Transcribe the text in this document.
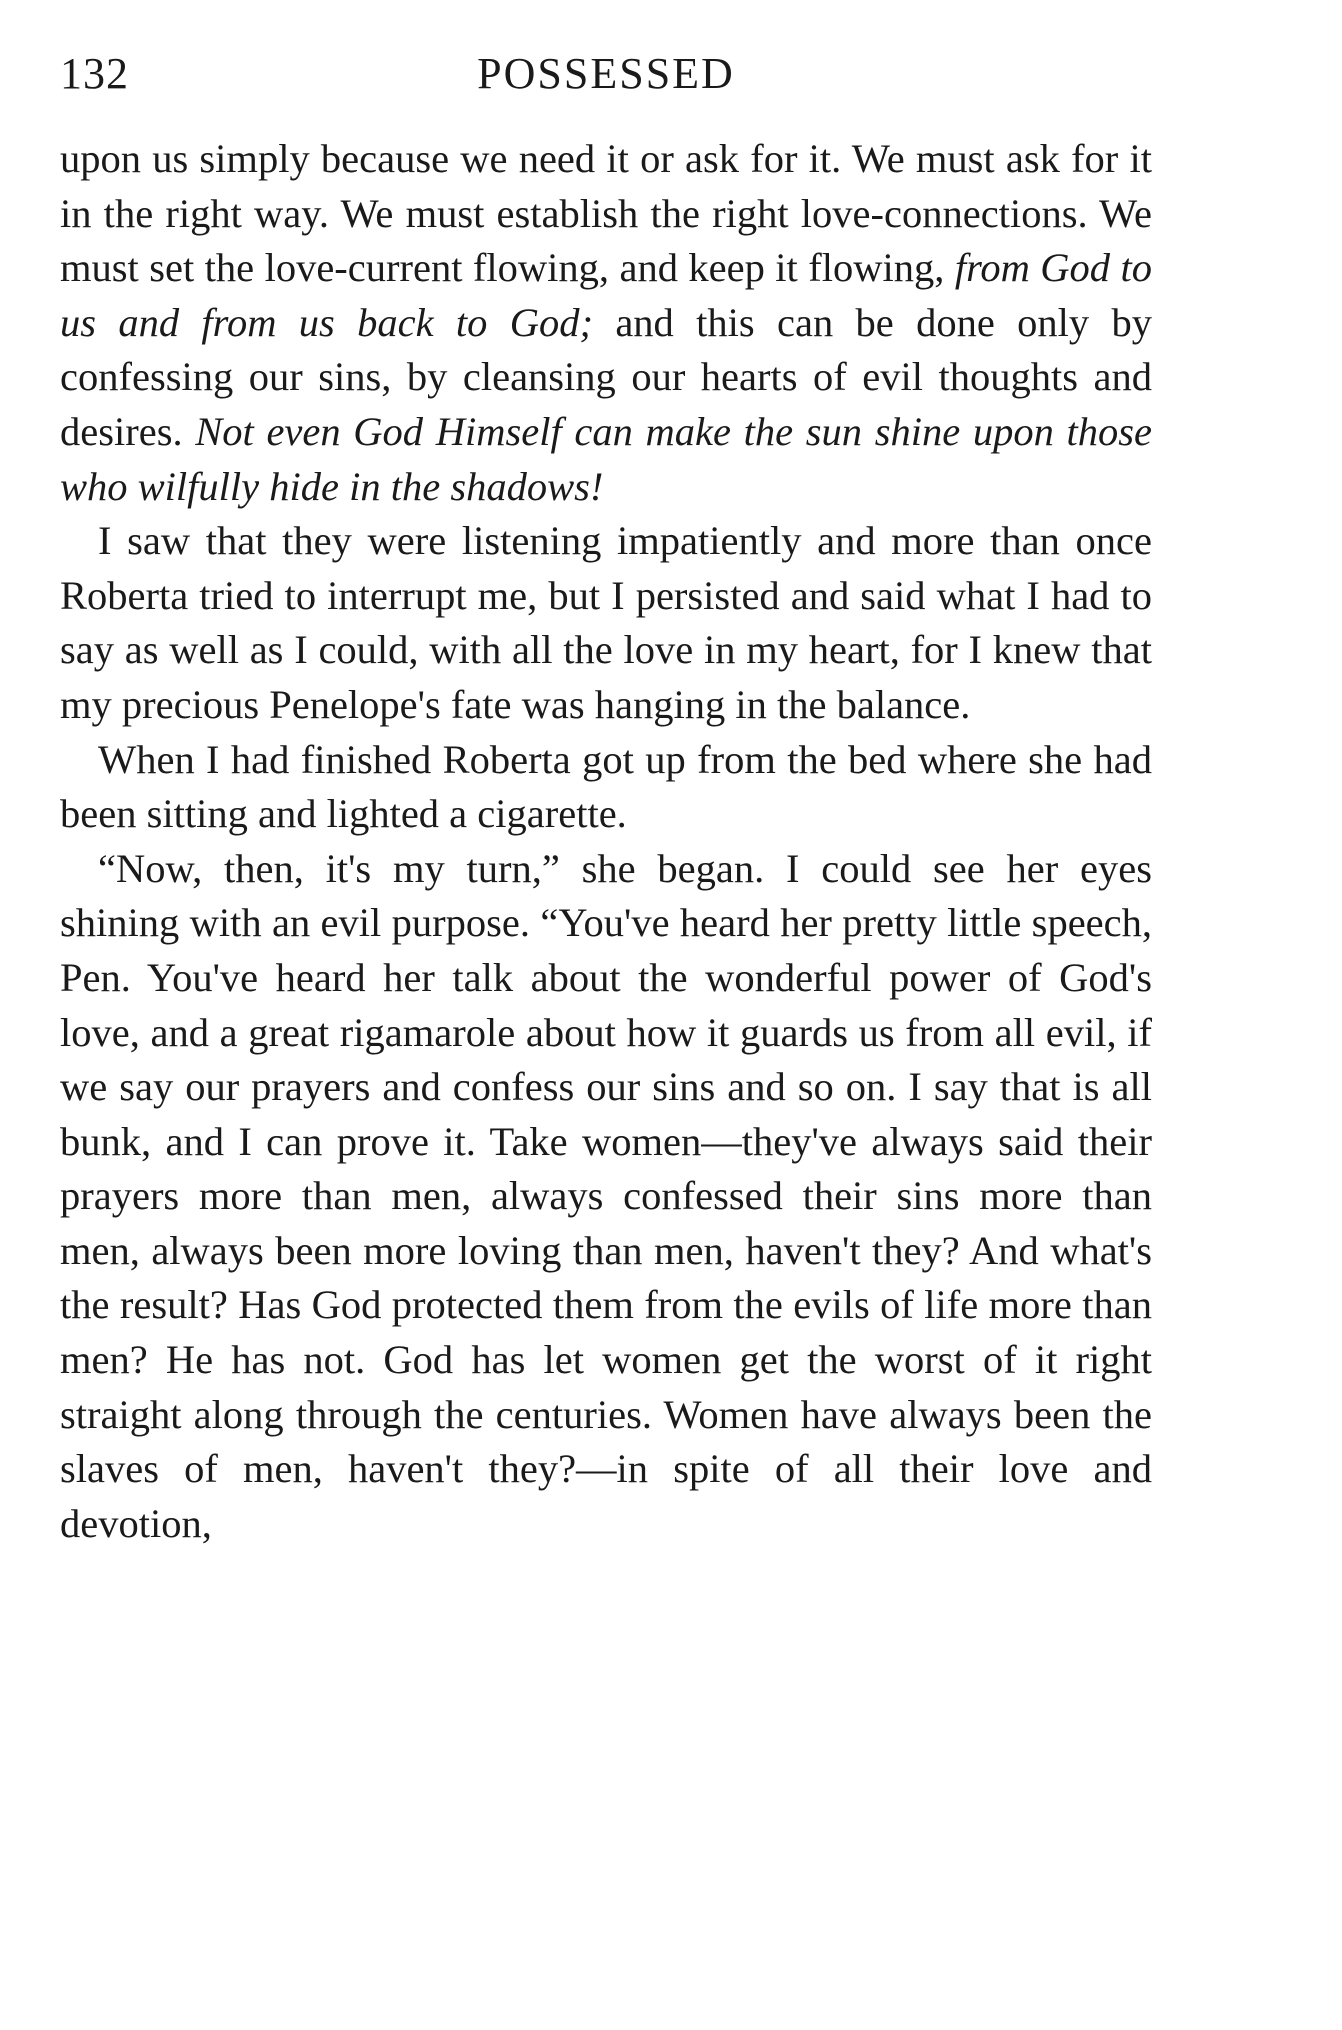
132	POSSESSED

upon us simply because we need it or ask for it. We must ask for it in the right way. We must establish the right love-connections. We must set the love-current flowing, and keep it flowing, from God to us and from us back to God; and this can be done only by confessing our sins, by cleansing our hearts of evil thoughts and desires. Not even God Himself can make the sun shine upon those who wilfully hide in the shadows!

I saw that they were listening impatiently and more than once Roberta tried to interrupt me, but I persisted and said what I had to say as well as I could, with all the love in my heart, for I knew that my precious Penelope's fate was hanging in the balance.

When I had finished Roberta got up from the bed where she had been sitting and lighted a cigarette.

“Now, then, it's my turn,” she began. I could see her eyes shining with an evil purpose. “You've heard her pretty little speech, Pen. You've heard her talk about the wonderful power of God's love, and a great rigamarole about how it guards us from all evil, if we say our prayers and confess our sins and so on. I say that is all bunk, and I can prove it. Take women—they've always said their prayers more than men, always confessed their sins more than men, always been more loving than men, haven't they? And what's the result? Has God protected them from the evils of life more than men? He has not. God has let women get the worst of it right straight along through the centuries. Women have always been the slaves of men, haven't they?—in spite of all their love and devotion,
